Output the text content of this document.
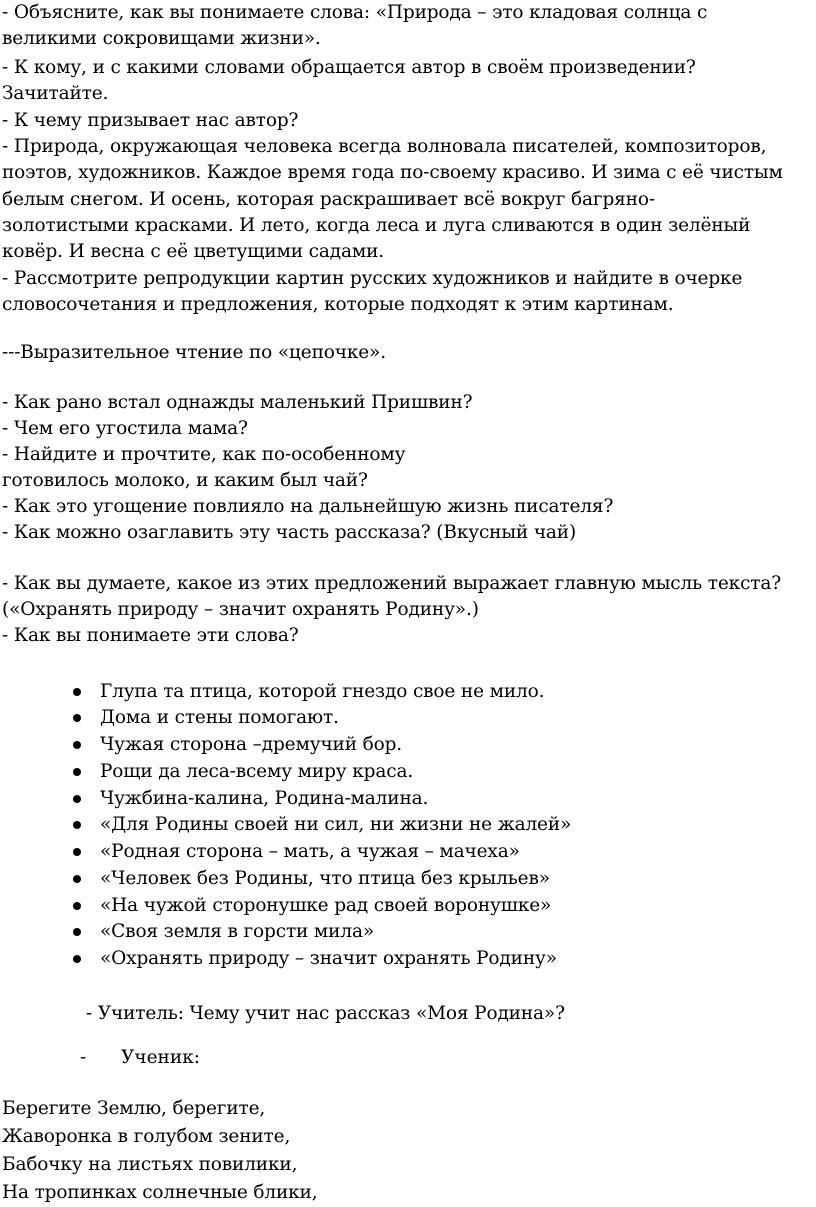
- Объясните, как вы понимаете слова: «Природа – это кладовая солнца с

великими сокровищами жизни».

- К кому, и с какими словами обращается автор в своём произведении?

Зачитайте.

- К чему призывает нас автор?

- Природа, окружающая человека всегда волновала писателей, композиторов,

поэтов, художников. Каждое время года по-своему красиво. И зима с её чистым

белым снегом. И осень, которая раскрашивает всё вокруг багряно-

золотистыми красками. И лето, когда леса и луга сливаются в один зелёный

ковёр. И весна с её цветущими садами.

- Рассмотрите репродукции картин русских художников и найдите в очерке

словосочетания и предложения, которые подходят к этим картинам.

---Выразительное чтение по «цепочке».

- Как рано встал однажды маленький Пришвин?

- Чем его угостила мама?

- Найдите и прочтите, как по-особенному

готовилось молоко, и каким был чай?

- Как это угощение повлияло на дальнейшую жизнь писателя?

- Как можно озаглавить эту часть рассказа? (Вкусный чай)

- Как вы думаете, какое из этих предложений выражает главную мысль текста?

(«Охранять природу – значит охранять Родину».)

- Как вы понимаете эти слова?

Глупа та птица, которой гнездо свое не мило.
Дома и стены помогают.
Чужая сторона –дремучий бор.
Рощи да леса-всему миру краса.
Чужбина-калина, Родина-малина.
«Для Родины своей ни сил, ни жизни не жалей»
«Родная сторона – мать, а чужая – мачеха»
«Человек без Родины, что птица без крыльев»
«На чужой сторонушке рад своей воронушке»
«Своя земля в горсти мила»
«Охранять природу – значит охранять Родину»

- Учитель: Чему учит нас рассказ «Моя Родина»?

- Ученик:

Берегите Землю, берегите,

Жаворонка в голубом зените,

Бабочку на листьях повилики,

На тропинках солнечные блики,
